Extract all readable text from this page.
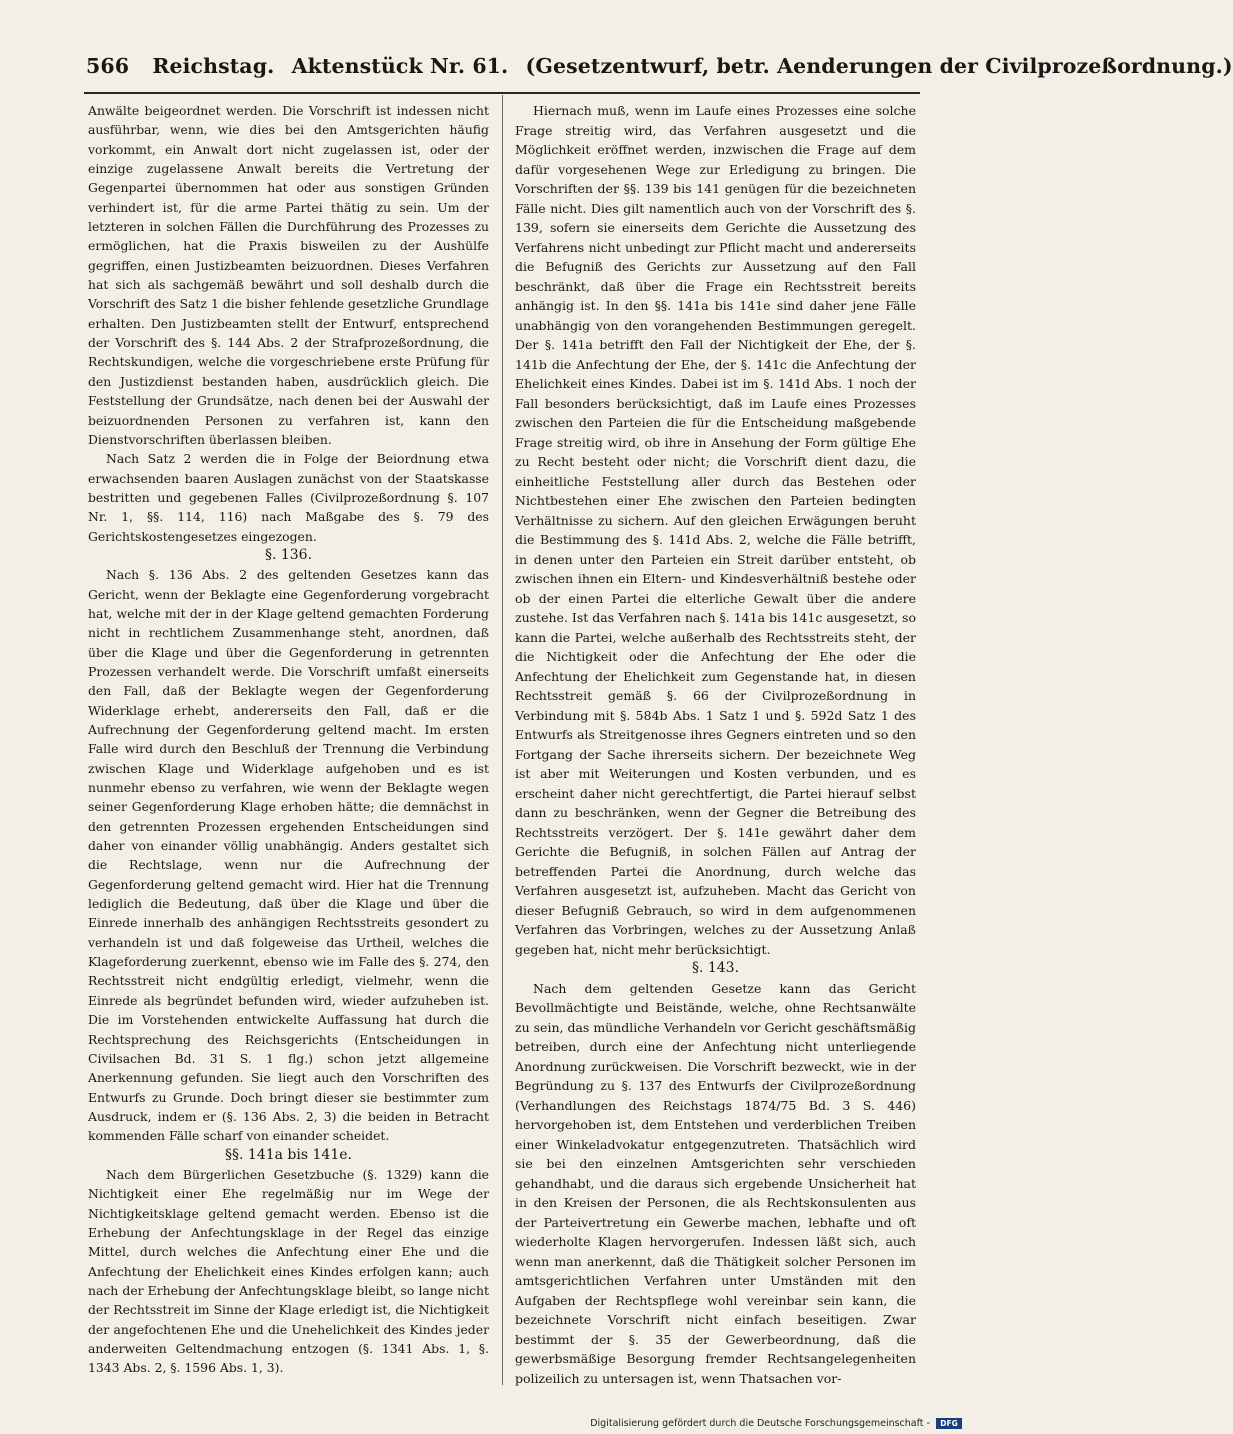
566 Reichstag. Aktenstück Nr. 61. (Gesetzentwurf, betr. Aenderungen der Civilprozeßordnung.)

Anwälte beigeordnet werden. Die Vorschrift ist indessen nicht ausführbar, wenn, wie dies bei den Amtsgerichten häufig vorkommt, ein Anwalt dort nicht zugelassen ist, oder der einzige zugelassene Anwalt bereits die Vertretung der Gegenpartei übernommen hat oder aus sonstigen Gründen verhindert ist, für die arme Partei thätig zu sein. Um der letzteren in solchen Fällen die Durchführung des Prozesses zu ermöglichen, hat die Praxis bisweilen zu der Aushülfe gegriffen, einen Justizbeamten beizuordnen. Dieses Verfahren hat sich als sachgemäß bewährt und soll deshalb durch die Vorschrift des Satz 1 die bisher fehlende gesetzliche Grundlage erhalten. Den Justizbeamten stellt der Entwurf, entsprechend der Vorschrift des §. 144 Abs. 2 der Strafprozeßordnung, die Rechtskundigen, welche die vorgeschriebene erste Prüfung für den Justizdienst bestanden haben, ausdrücklich gleich. Die Feststellung der Grundsätze, nach denen bei der Auswahl der beizuordnenden Personen zu verfahren ist, kann den Dienstvorschriften überlassen bleiben.

Nach Satz 2 werden die in Folge der Beiordnung etwa erwachsenden baaren Auslagen zunächst von der Staatskasse bestritten und gegebenen Falles (Civilprozeßordnung §. 107 Nr. 1, §§. 114, 116) nach Maßgabe des §. 79 des Gerichtskostengesetzes eingezogen.

§. 136.

Nach §. 136 Abs. 2 des geltenden Gesetzes kann das Gericht, wenn der Beklagte eine Gegenforderung vorgebracht hat, welche mit der in der Klage geltend gemachten Forderung nicht in rechtlichem Zusammenhange steht, anordnen, daß über die Klage und über die Gegenforderung in getrennten Prozessen verhandelt werde. Die Vorschrift umfaßt einerseits den Fall, daß der Beklagte wegen der Gegenforderung Widerklage erhebt, andererseits den Fall, daß er die Aufrechnung der Gegenforderung geltend macht. Im ersten Falle wird durch den Beschluß der Trennung die Verbindung zwischen Klage und Widerklage aufgehoben und es ist nunmehr ebenso zu verfahren, wie wenn der Beklagte wegen seiner Gegenforderung Klage erhoben hätte; die demnächst in den getrennten Prozessen ergehenden Entscheidungen sind daher von einander völlig unabhängig. Anders gestaltet sich die Rechtslage, wenn nur die Aufrechnung der Gegenforderung geltend gemacht wird. Hier hat die Trennung lediglich die Bedeutung, daß über die Klage und über die Einrede innerhalb des anhängigen Rechtsstreits gesondert zu verhandeln ist und daß folgeweise das Urtheil, welches die Klageforderung zuerkennt, ebenso wie im Falle des §. 274, den Rechtsstreit nicht endgültig erledigt, vielmehr, wenn die Einrede als begründet befunden wird, wieder aufzuheben ist. Die im Vorstehenden entwickelte Auffassung hat durch die Rechtsprechung des Reichsgerichts (Entscheidungen in Civilsachen Bd. 31 S. 1 flg.) schon jetzt allgemeine Anerkennung gefunden. Sie liegt auch den Vorschriften des Entwurfs zu Grunde. Doch bringt dieser sie bestimmter zum Ausdruck, indem er (§. 136 Abs. 2, 3) die beiden in Betracht kommenden Fälle scharf von einander scheidet.

§§. 141a bis 141e.

Nach dem Bürgerlichen Gesetzbuche (§. 1329) kann die Nichtigkeit einer Ehe regelmäßig nur im Wege der Nichtigkeitsklage geltend gemacht werden. Ebenso ist die Erhebung der Anfechtungsklage in der Regel das einzige Mittel, durch welches die Anfechtung einer Ehe und die Anfechtung der Ehelichkeit eines Kindes erfolgen kann; auch nach der Erhebung der Anfechtungsklage bleibt, so lange nicht der Rechtsstreit im Sinne der Klage erledigt ist, die Nichtigkeit der angefochtenen Ehe und die Unehelichkeit des Kindes jeder anderweiten Geltendmachung entzogen (§. 1341 Abs. 1, §. 1343 Abs. 2, §. 1596 Abs. 1, 3).

Hiernach muß, wenn im Laufe eines Prozesses eine solche Frage streitig wird, das Verfahren ausgesetzt und die Möglichkeit eröffnet werden, inzwischen die Frage auf dem dafür vorgesehenen Wege zur Erledigung zu bringen. Die Vorschriften der §§. 139 bis 141 genügen für die bezeichneten Fälle nicht. Dies gilt namentlich auch von der Vorschrift des §. 139, sofern sie einerseits dem Gerichte die Aussetzung des Verfahrens nicht unbedingt zur Pflicht macht und andererseits die Befugniß des Gerichts zur Aussetzung auf den Fall beschränkt, daß über die Frage ein Rechtsstreit bereits anhängig ist. In den §§. 141a bis 141e sind daher jene Fälle unabhängig von den vorangehenden Bestimmungen geregelt. Der §. 141a betrifft den Fall der Nichtigkeit der Ehe, der §. 141b die Anfechtung der Ehe, der §. 141c die Anfechtung der Ehelichkeit eines Kindes. Dabei ist im §. 141d Abs. 1 noch der Fall besonders berücksichtigt, daß im Laufe eines Prozesses zwischen den Parteien die für die Entscheidung maßgebende Frage streitig wird, ob ihre in Ansehung der Form gültige Ehe zu Recht besteht oder nicht; die Vorschrift dient dazu, die einheitliche Feststellung aller durch das Bestehen oder Nichtbestehen einer Ehe zwischen den Parteien bedingten Verhältnisse zu sichern. Auf den gleichen Erwägungen beruht die Bestimmung des §. 141d Abs. 2, welche die Fälle betrifft, in denen unter den Parteien ein Streit darüber entsteht, ob zwischen ihnen ein Eltern- und Kindesverhältniß bestehe oder ob der einen Partei die elterliche Gewalt über die andere zustehe. Ist das Verfahren nach §. 141a bis 141c ausgesetzt, so kann die Partei, welche außerhalb des Rechtsstreits steht, der die Nichtigkeit oder die Anfechtung der Ehe oder die Anfechtung der Ehelichkeit zum Gegenstande hat, in diesen Rechtsstreit gemäß §. 66 der Civilprozeßordnung in Verbindung mit §. 584b Abs. 1 Satz 1 und §. 592d Satz 1 des Entwurfs als Streitgenosse ihres Gegners eintreten und so den Fortgang der Sache ihrerseits sichern. Der bezeichnete Weg ist aber mit Weiterungen und Kosten verbunden, und es erscheint daher nicht gerechtfertigt, die Partei hierauf selbst dann zu beschränken, wenn der Gegner die Betreibung des Rechtsstreits verzögert. Der §. 141e gewährt daher dem Gerichte die Befugniß, in solchen Fällen auf Antrag der betreffenden Partei die Anordnung, durch welche das Verfahren ausgesetzt ist, aufzuheben. Macht das Gericht von dieser Befugniß Gebrauch, so wird in dem aufgenommenen Verfahren das Vorbringen, welches zu der Aussetzung Anlaß gegeben hat, nicht mehr berücksichtigt.

§. 143.

Nach dem geltenden Gesetze kann das Gericht Bevollmächtigte und Beistände, welche, ohne Rechtsanwälte zu sein, das mündliche Verhandeln vor Gericht geschäftsmäßig betreiben, durch eine der Anfechtung nicht unterliegende Anordnung zurückweisen. Die Vorschrift bezweckt, wie in der Begründung zu §. 137 des Entwurfs der Civilprozeßordnung (Verhandlungen des Reichstags 1874/75 Bd. 3 S. 446) hervorgehoben ist, dem Entstehen und verderblichen Treiben einer Winkeladvokatur entgegenzutreten. Thatsächlich wird sie bei den einzelnen Amtsgerichten sehr verschieden gehandhabt, und die daraus sich ergebende Unsicherheit hat in den Kreisen der Personen, die als Rechtskonsulenten aus der Parteivertretung ein Gewerbe machen, lebhafte und oft wiederholte Klagen hervorgerufen. Indessen läßt sich, auch wenn man anerkennt, daß die Thätigkeit solcher Personen im amtsgerichtlichen Verfahren unter Umständen mit den Aufgaben der Rechtspflege wohl vereinbar sein kann, die bezeichnete Vorschrift nicht einfach beseitigen. Zwar bestimmt der §. 35 der Gewerbeordnung, daß die gewerbsmäßige Besorgung fremder Rechtsangelegenheiten polizeilich zu untersagen ist, wenn Thatsachen vor-

Digitalisierung gefördert durch die Deutsche Forschungsgemeinschaft - DFG
